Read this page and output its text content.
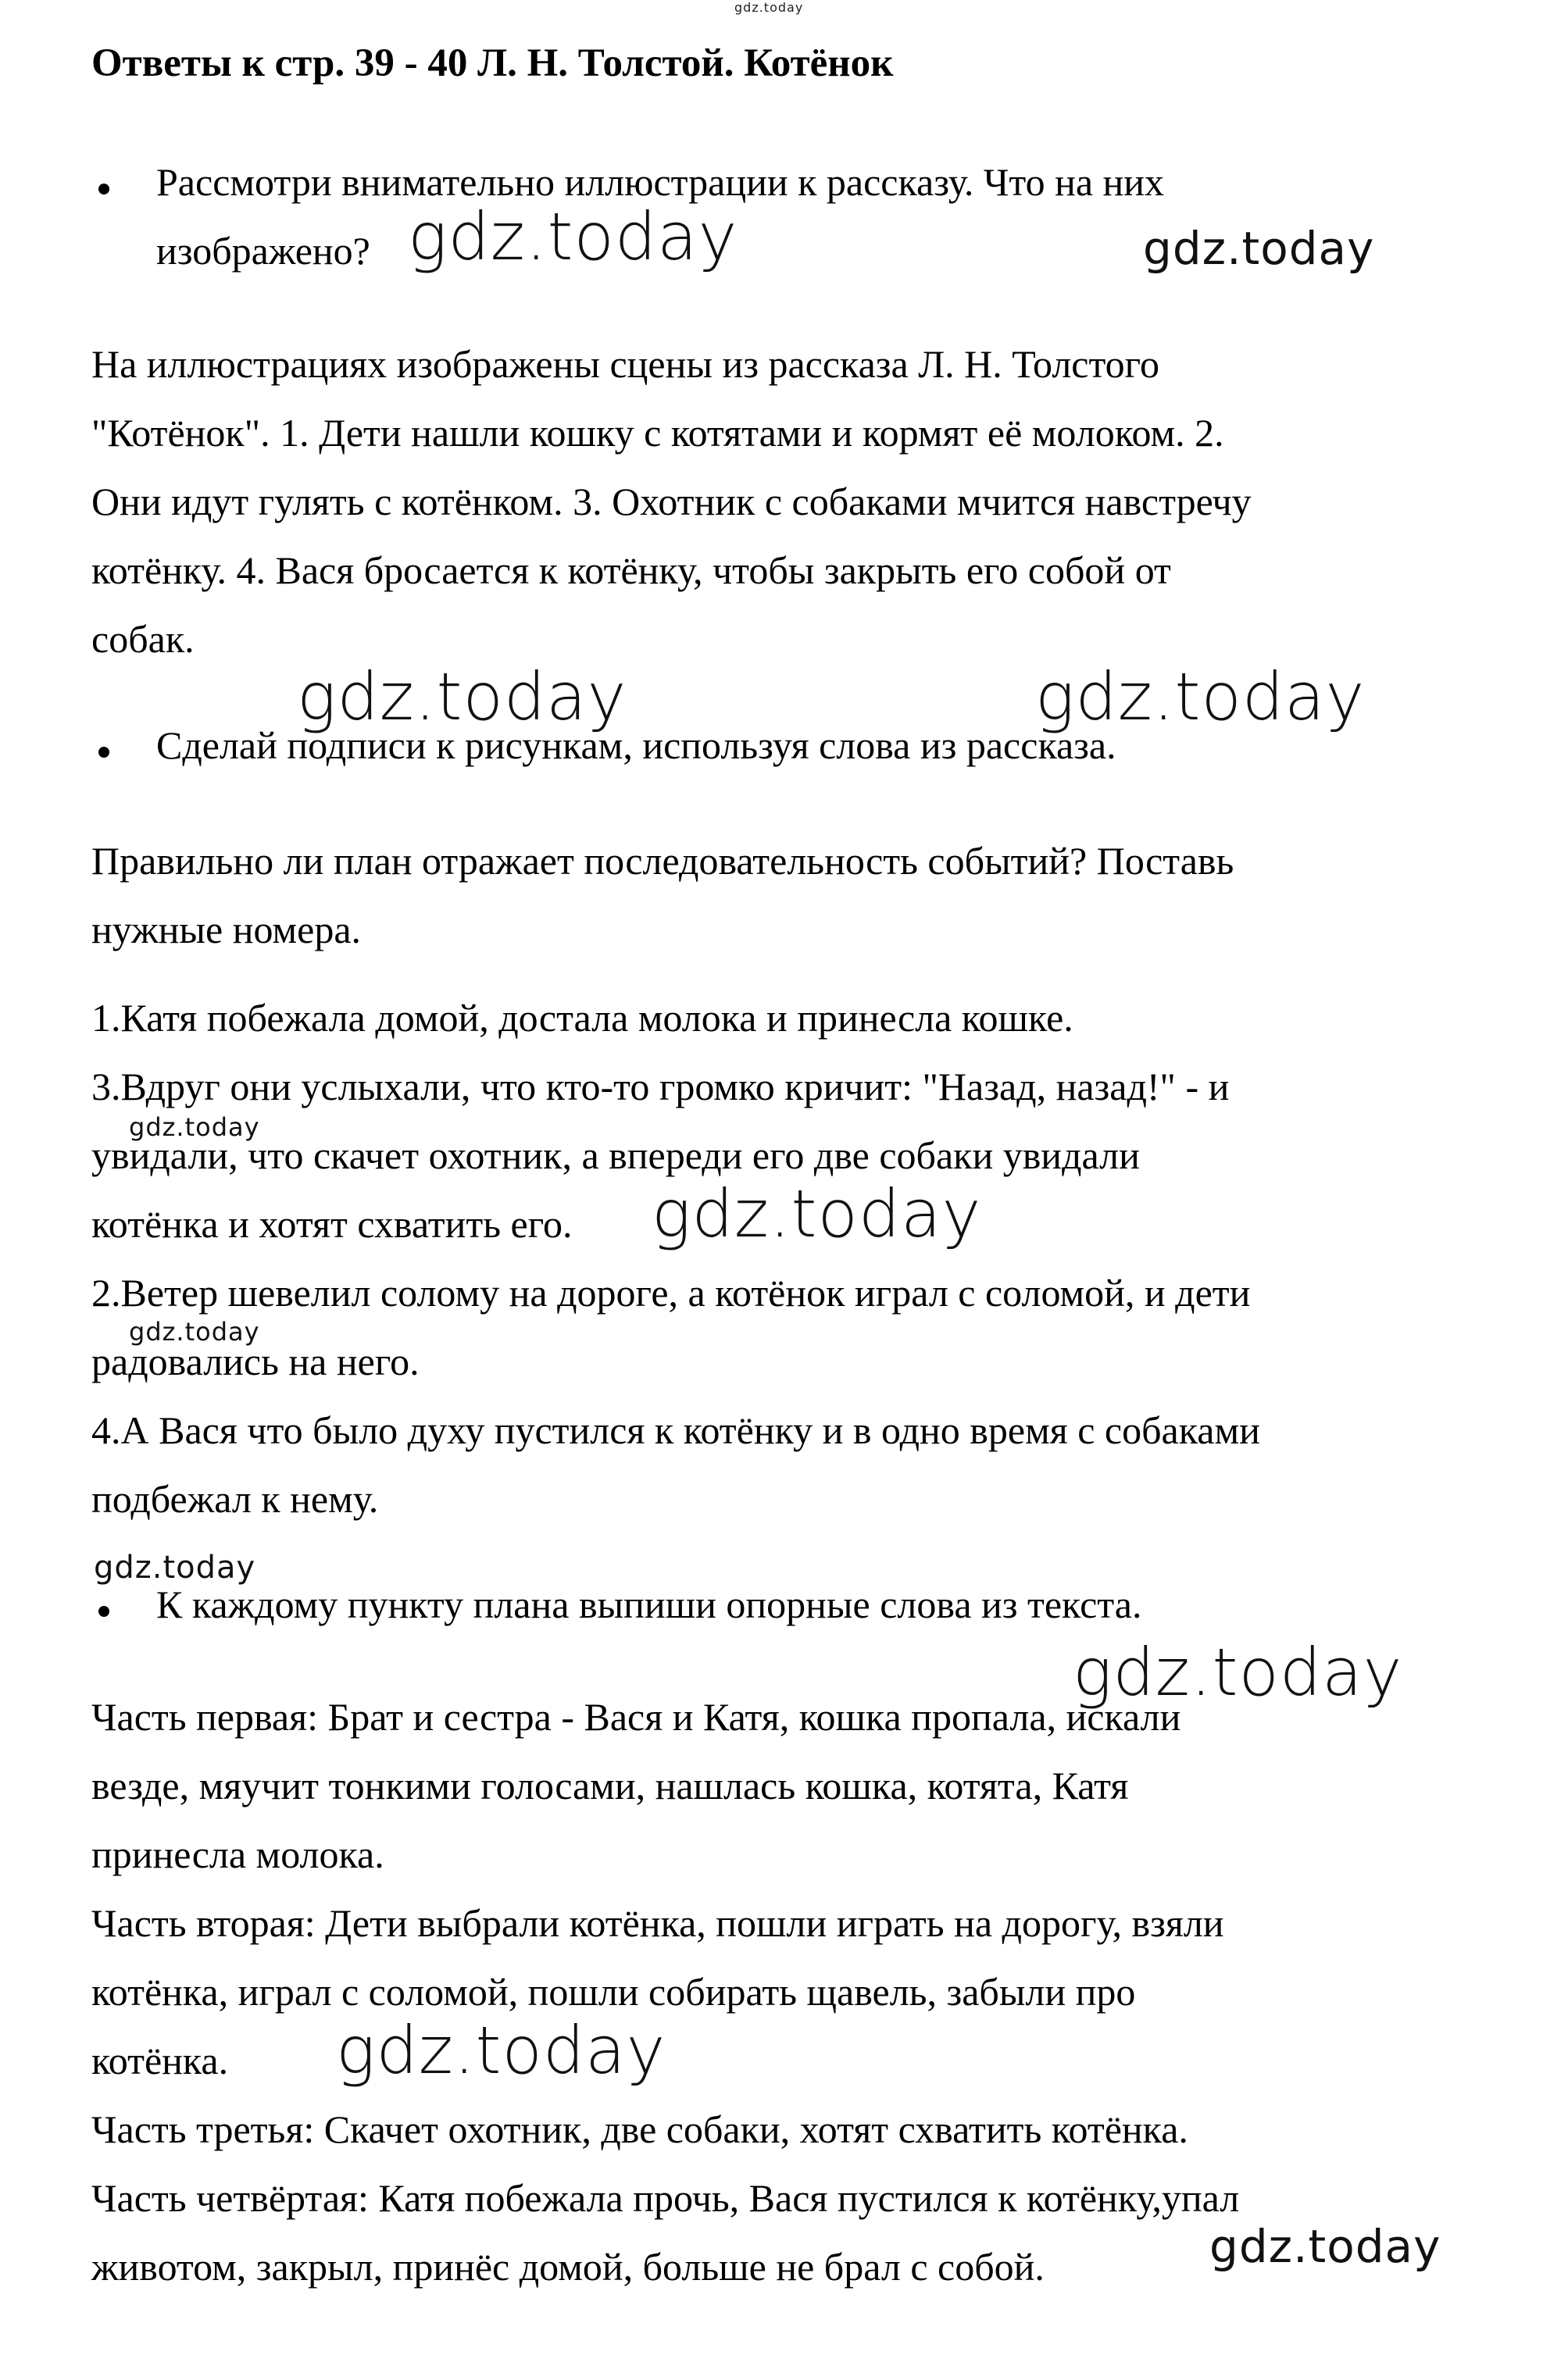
gdz.today
Ответы к стр. 39 - 40 Л. Н. Толстой. Котёнок
Рассмотри внимательно иллюстрации к рассказу. Что на них
изображено? gdz.today	gdz.today
На иллюстрациях изображены сцены из рассказа Л. Н. Толстого
"Котёнок". 1. Дети нашли кошку с котятами и кормят её молоком. 2.
Они идут гулять с котёнком. 3. Охотник с собаками мчится навстречу
котёнку. 4. Вася бросается к котёнку, чтобы закрыть его собой от
собак.
gdz.today	gdz.today
Сделай подписи к рисункам, используя слова из рассказа.
Правильно ли план отражает последовательность событий? Поставь
нужные номера.
1.Катя побежала домой, достала молока и принесла кошке.
3.Вдруг они услыхали, что кто-то громко кричит: "Назад, назад!" - и
увидали, что скачет охотник, а впереди его две собаки увидали
котёнка и хотят схватить его.
2.Ветер шевелил солому на дороге, а котёнок играл с соломой, и дети
радовались на него.
4.А Вася что было духу пустился к котёнку и в одно время с собаками
подбежал к нему.
gdz.today
gdz.today
gdz.today
gdz.today
К каждому пункту плана выпиши опорные слова из текста.
gdz.today
Часть первая: Брат и сестра - Вася и Катя, кошка пропала, искали
везде, мяучит тонкими голосами, нашлась кошка, котята, Катя
принесла молока.
Часть вторая: Дети выбрали котёнка, пошли играть на дорогу, взяли
котёнка, играл с соломой, пошли собирать щавель, забыли про
котёнка.
Часть третья: Скачет охотник, две собаки, хотят схватить котёнка.
Часть четвёртая: Катя побежала прочь, Вася пустился к котёнку,упал
животом, закрыл, принёс домой, больше не брал с собой.
gdz.today
gdz.today
